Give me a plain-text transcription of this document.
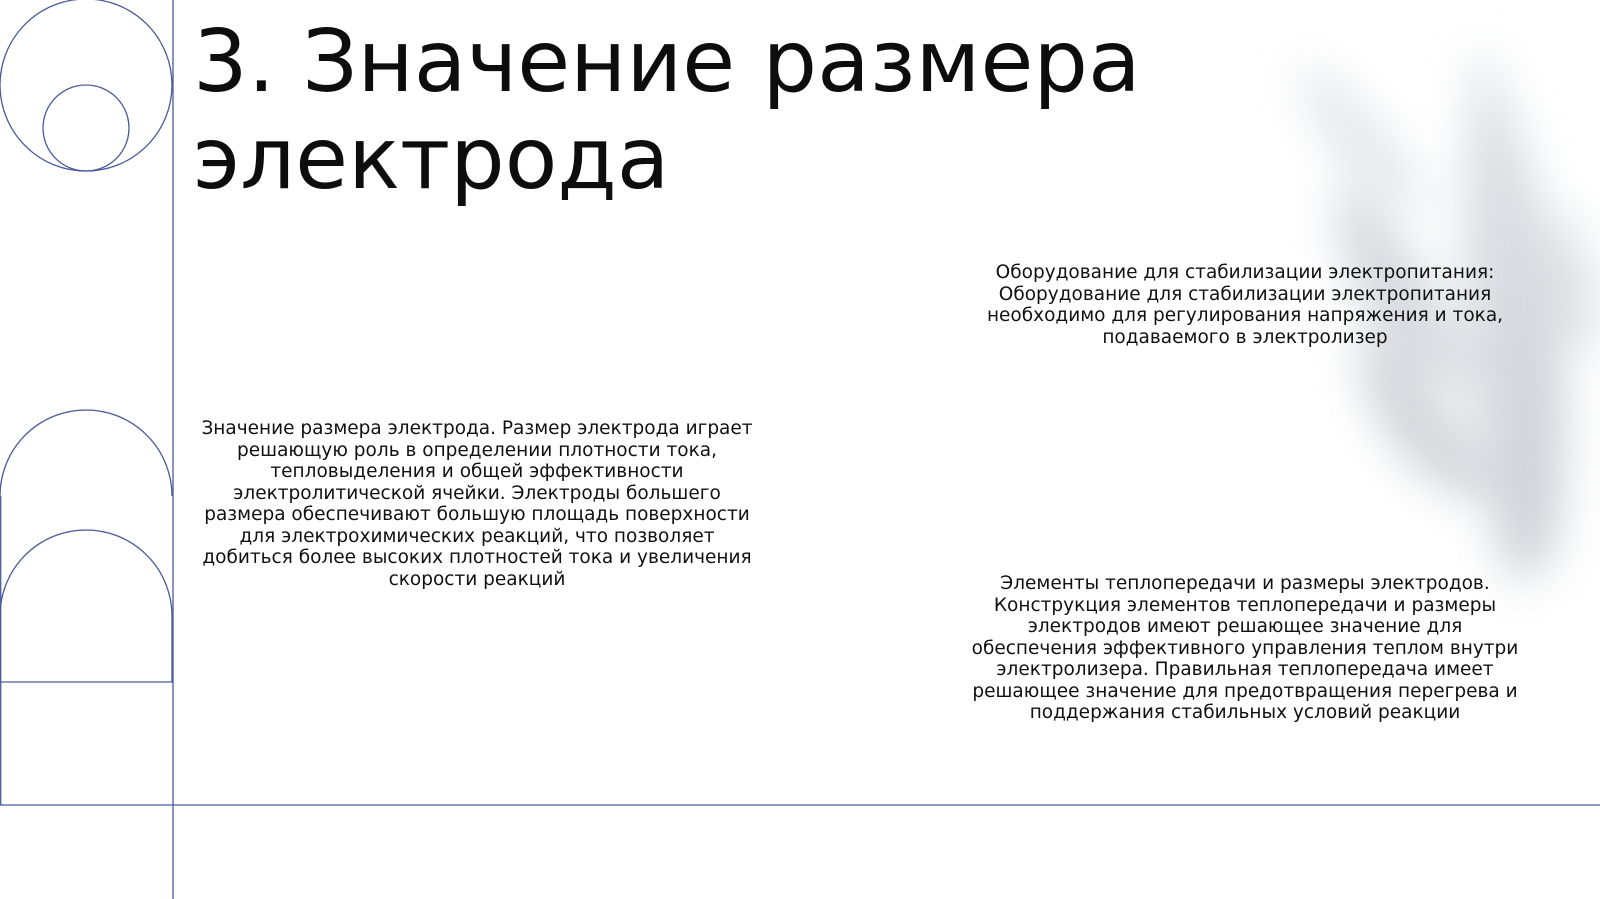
3. Значение размера электрода

Значение размера электрода. Размер электрода играет решающую роль в определении плотности тока, тепловыделения и общей эффективности электролитической ячейки. Электроды большего размера обеспечивают большую площадь поверхности для электрохимических реакций, что позволяет добиться более высоких плотностей тока и увеличения скорости реакций

Оборудование для стабилизации электропитания: Оборудование для стабилизации электропитания необходимо для регулирования напряжения и тока, подаваемого в электролизер

Элементы теплопередачи и размеры электродов. Конструкция элементов теплопередачи и размеры электродов имеют решающее значение для обеспечения эффективного управления теплом внутри электролизера. Правильная теплопередача имеет решающее значение для предотвращения перегрева и поддержания стабильных условий реакции
